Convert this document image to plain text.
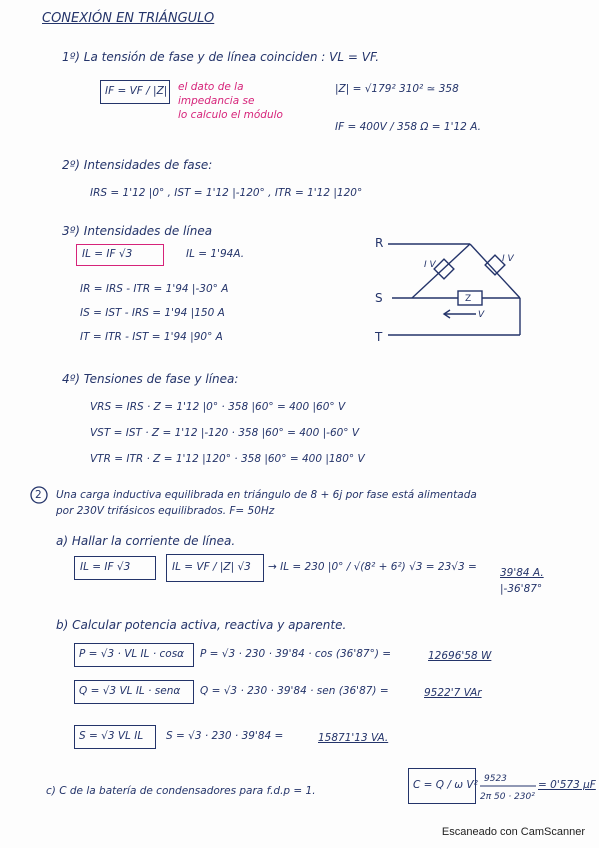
CONEXIÓN EN TRIÁNGULO
1º) La tensión de fase y de línea coinciden : VL = VF.
IF = VF / |Z| el dato de la
impedancia se
lo calculo el módulo
|Z| = √179² 310² ≃ 358
IF = 400V / 358 Ω = 1'12 A.
2º) Intensidades de fase:
IRS = 1'12 |0° , IST = 1'12 |-120° , ITR = 1'12 |120°
3º) Intensidades de línea
IL = IF √3	IL = 1'94A.
IR = IRS - ITR = 1'94 |-30° A
IS = IST - IRS = 1'94 |150 A
IT = ITR - IST = 1'94 |90° A
R
S
T
Z
V
I V
I V
4º) Tensiones de fase y línea:
VRS = IRS · Z = 1'12 |0° · 358 |60° = 400 |60° V
VST = IST · Z = 1'12 |-120 · 358 |60° = 400 |-60° V
VTR = ITR · Z = 1'12 |120° · 358 |60° = 400 |180° V
2 Una carga inductiva equilibrada en triángulo de 8 + 6j por fase está alimentada
por 230V trifásicos equilibrados. F= 50Hz
a) Hallar la corriente de línea.
IL = IF √3	IL = VF / |Z| √3 → IL = 230 |0° / √(8² + 6²) √3 = 23√3 = 39'84 A.
|-36'87°
b) Calcular potencia activa, reactiva y aparente.
P = √3 · VL IL · cosα P = √3 · 230 · 39'84 · cos (36'87°) =	12696'58 W
Q = √3 VL IL · senα Q = √3 · 230 · 39'84 · sen (36'87) =	9522'7 VAr
S = √3 VL IL S = √3 · 230 · 39'84 =	15871'13 VA.
c) C de la batería de condensadores para f.d.p = 1.	C = Q / ω V² 9523
2π 50 · 230²
= 0'573 μF
Escaneado con CamScanner
